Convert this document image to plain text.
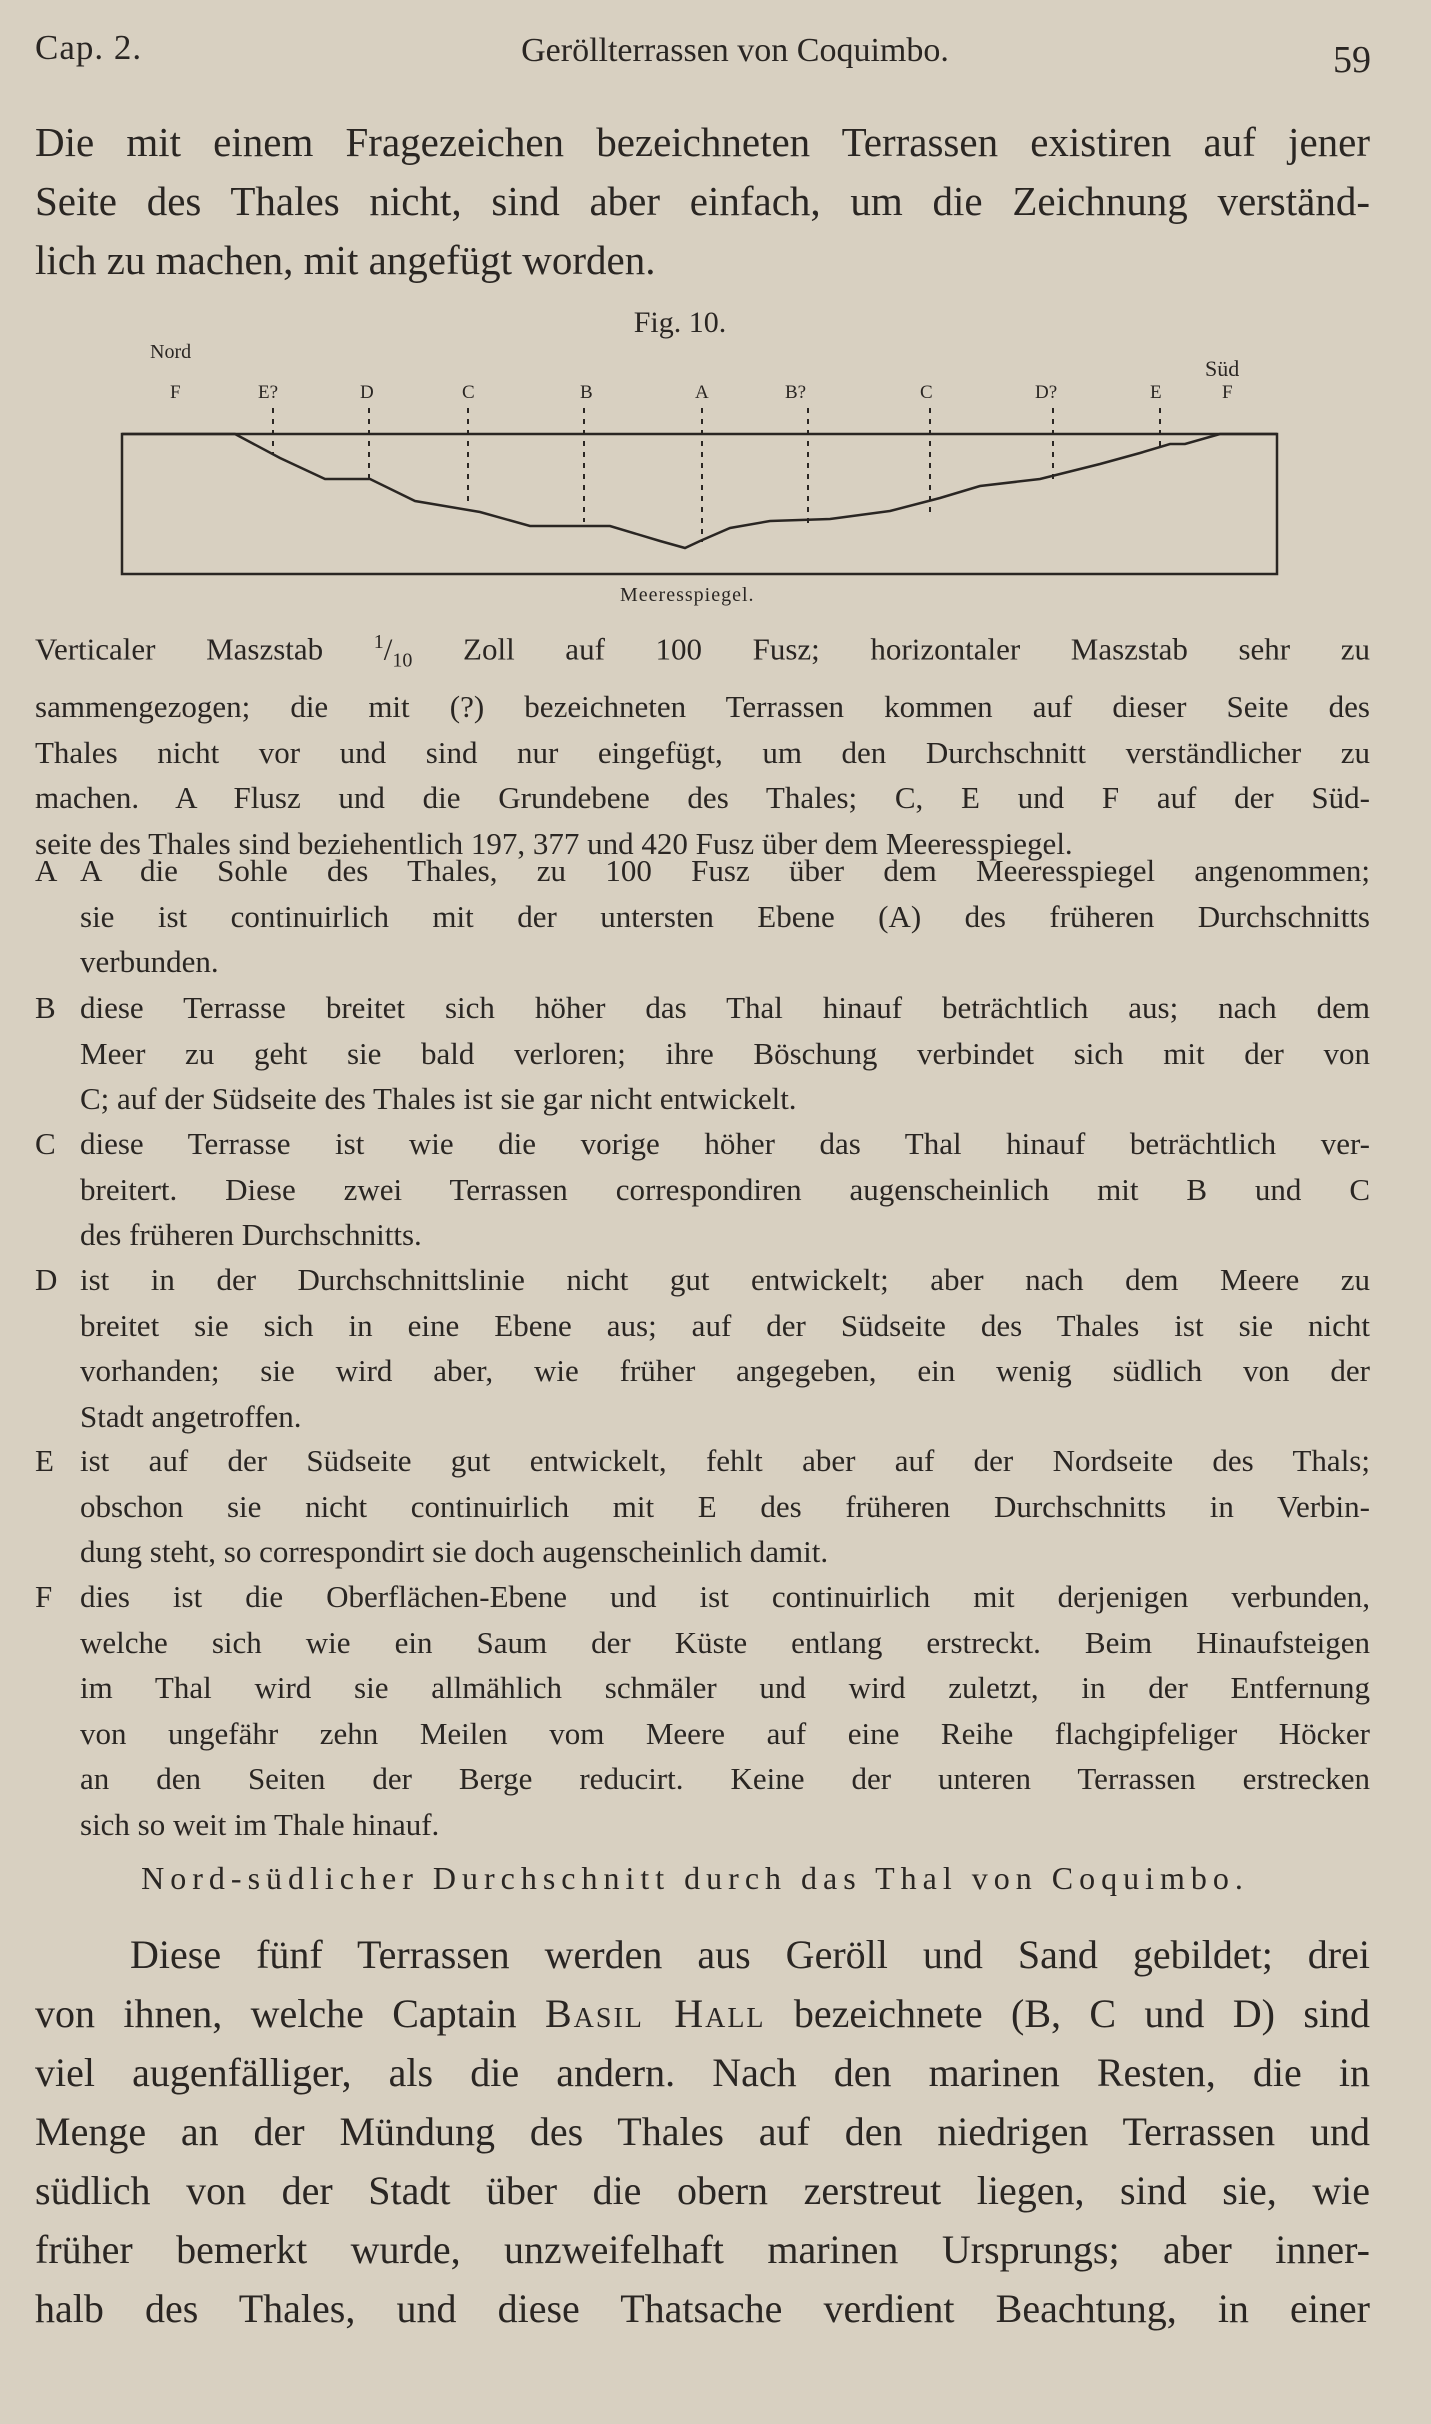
Cap. 2.	Geröllterrassen von Coquimbo.	59
Die mit einem Fragezeichen bezeichneten Terrassen existiren auf jener
Seite des Thales nicht, sind aber einfach, um die Zeichnung verständ-
lich zu machen, mit angefügt worden.
Fig. 10.
Nord
Süd
F	E?	D	C	B	A	B?	C	D?	E	F
Meeresspiegel.
Verticaler Maszstab $^1/_{10}$ Zoll auf 100 Fusz; horizontaler Maszstab sehr zu
sammengezogen; die mit (?) bezeichneten Terrassen kommen auf dieser Seite des
Thales nicht vor und sind nur eingefügt, um den Durchschnitt verständlicher zu
machen. A Flusz und die Grundebene des Thales; C, E und F auf der Süd-
seite des Thales sind beziehentlich 197, 377 und 420 Fusz über dem Meeresspiegel.
A A die Sohle des Thales, zu 100 Fusz über dem Meeresspiegel angenommen;
sie ist continuirlich mit der untersten Ebene (A) des früheren Durchschnitts
verbunden.
B diese Terrasse breitet sich höher das Thal hinauf beträchtlich aus; nach dem
Meer zu geht sie bald verloren; ihre Böschung verbindet sich mit der von
C; auf der Südseite des Thales ist sie gar nicht entwickelt.
C diese Terrasse ist wie die vorige höher das Thal hinauf beträchtlich ver-
breitert. Diese zwei Terrassen correspondiren augenscheinlich mit B und C
des früheren Durchschnitts.
D ist in der Durchschnittslinie nicht gut entwickelt; aber nach dem Meere zu
breitet sie sich in eine Ebene aus; auf der Südseite des Thales ist sie nicht
vorhanden; sie wird aber, wie früher angegeben, ein wenig südlich von der
Stadt angetroffen.
E ist auf der Südseite gut entwickelt, fehlt aber auf der Nordseite des Thals;
obschon sie nicht continuirlich mit E des früheren Durchschnitts in Verbin-
dung steht, so correspondirt sie doch augenscheinlich damit.
F dies ist die Oberflächen-Ebene und ist continuirlich mit derjenigen verbunden,
welche sich wie ein Saum der Küste entlang erstreckt. Beim Hinaufsteigen
im Thal wird sie allmählich schmäler und wird zuletzt, in der Entfernung
von ungefähr zehn Meilen vom Meere auf eine Reihe flachgipfeliger Höcker
an den Seiten der Berge reducirt. Keine der unteren Terrassen erstrecken
sich so weit im Thale hinauf.
Nord-südlicher Durchschnitt durch das Thal von Coquimbo.
Diese fünf Terrassen werden aus Geröll und Sand gebildet; drei
von ihnen, welche Captain Basil Hall bezeichnete (B, C und D) sind
viel augenfälliger, als die andern. Nach den marinen Resten, die in
Menge an der Mündung des Thales auf den niedrigen Terrassen und
südlich von der Stadt über die obern zerstreut liegen, sind sie, wie
früher bemerkt wurde, unzweifelhaft marinen Ursprungs; aber inner-
halb des Thales, und diese Thatsache verdient Beachtung, in einer
